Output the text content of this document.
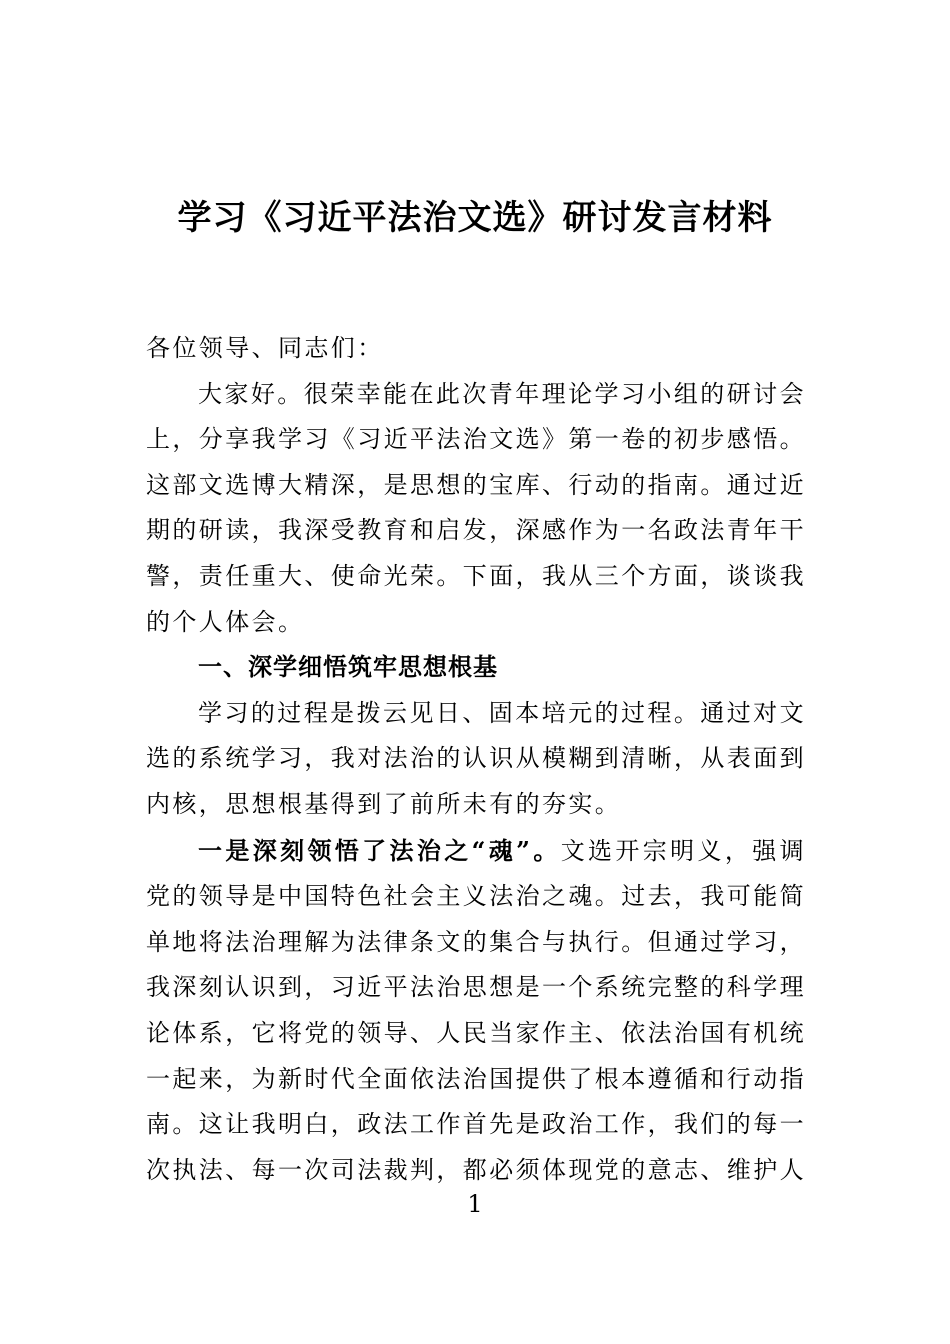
学习《习近平法治文选》研讨发言材料

各位领导、同志们：

大家好。很荣幸能在此次青年理论学习小组的研讨会上，分享我学习《习近平法治文选》第一卷的初步感悟。这部文选博大精深，是思想的宝库、行动的指南。通过近期的研读，我深受教育和启发，深感作为一名政法青年干警，责任重大、使命光荣。下面，我从三个方面，谈谈我的个人体会。

一、深学细悟筑牢思想根基

学习的过程是拨云见日、固本培元的过程。通过对文选的系统学习，我对法治的认识从模糊到清晰，从表面到内核，思想根基得到了前所未有的夯实。

一是深刻领悟了法治之“魂”。文选开宗明义，强调党的领导是中国特色社会主义法治之魂。过去，我可能简单地将法治理解为法律条文的集合与执行。但通过学习，我深刻认识到，习近平法治思想是一个系统完整的科学理论体系，它将党的领导、人民当家作主、依法治国有机统一起来，为新时代全面依法治国提供了根本遵循和行动指南。这让我明白，政法工作首先是政治工作，我们的每一次执法、每一次司法裁判，都必须体现党的意志、维护人

1
